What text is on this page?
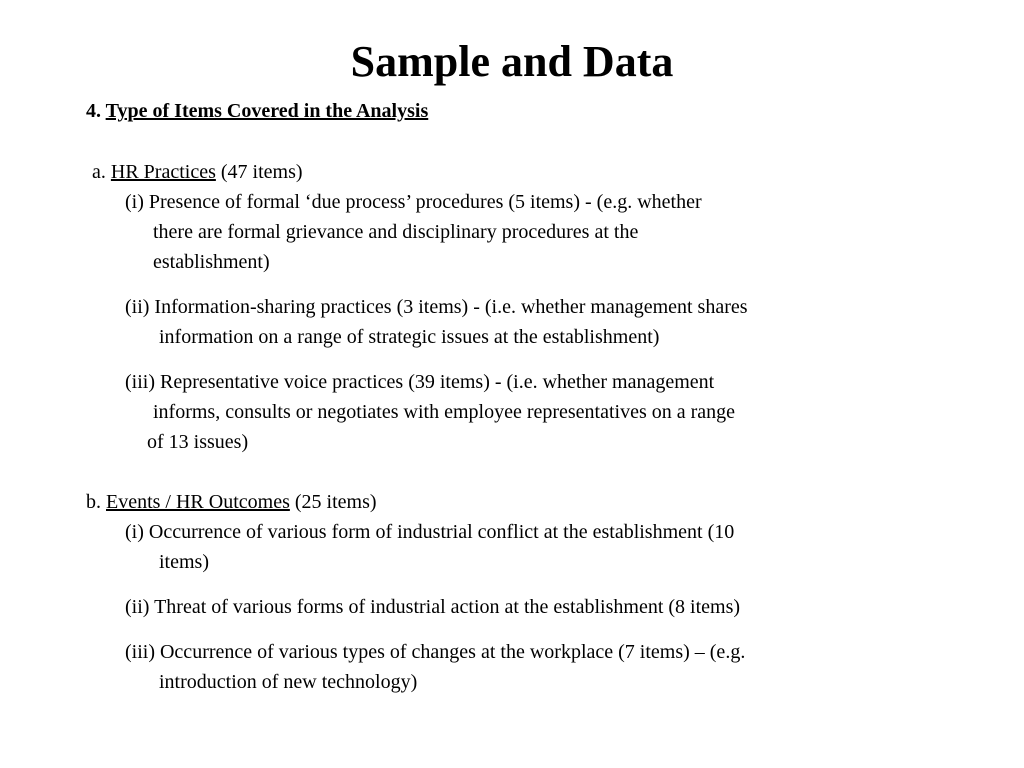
Sample and Data
4. Type of Items Covered in the Analysis
a. HR Practices (47 items)
(i) Presence of formal ‘due process’ procedures (5 items) - (e.g. whether
there are formal grievance and disciplinary procedures at the
establishment)
(ii) Information-sharing practices (3 items) - (i.e. whether management shares
information on a range of strategic issues at the establishment)
(iii) Representative voice practices (39 items) - (i.e. whether management
informs, consults or negotiates with employee representatives on a range
of 13 issues)
b. Events / HR Outcomes (25 items)
(i) Occurrence of various form of industrial conflict at the establishment (10
items)
(ii) Threat of various forms of industrial action at the establishment (8 items)
(iii) Occurrence of various types of changes at the workplace (7 items) – (e.g.
introduction of new technology)
